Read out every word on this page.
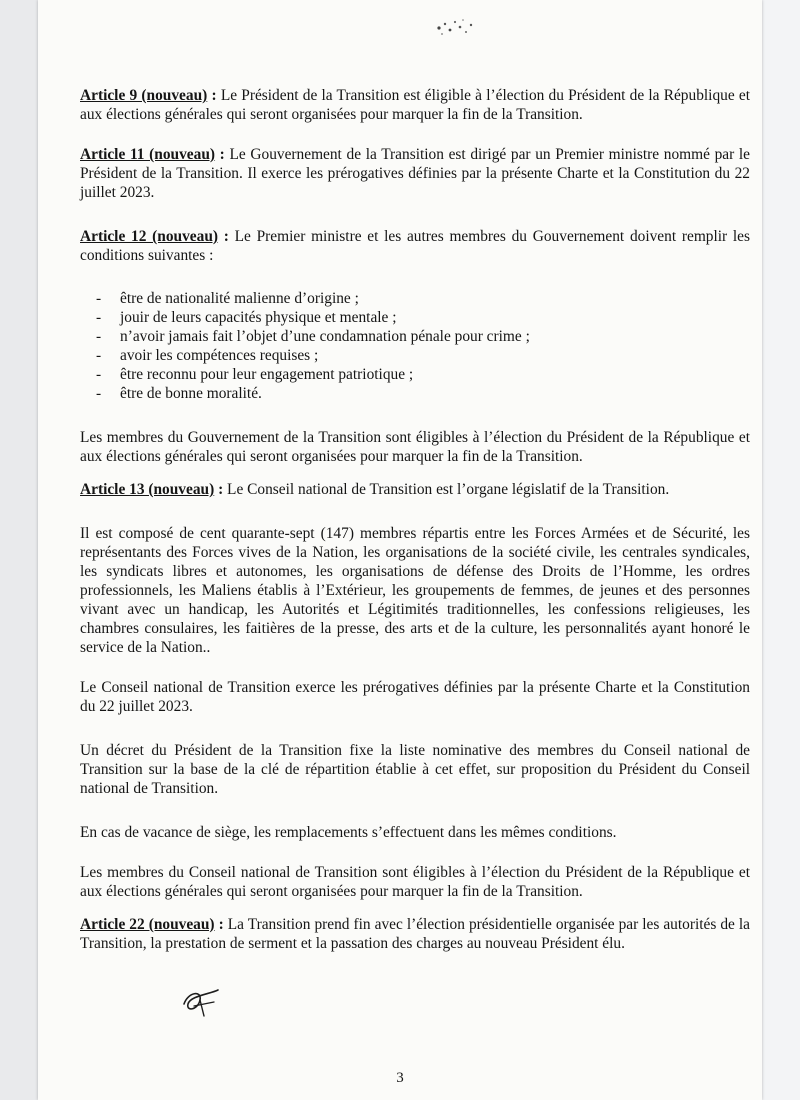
Article 9 (nouveau) : Le Président de la Transition est éligible à l’élection du Président de la République et aux élections générales qui seront organisées pour marquer la fin de la Transition.

Article 11 (nouveau) : Le Gouvernement de la Transition est dirigé par un Premier ministre nommé par le Président de la Transition. Il exerce les prérogatives définies par la présente Charte et la Constitution du 22 juillet 2023.

Article 12 (nouveau) : Le Premier ministre et les autres membres du Gouvernement doivent remplir les conditions suivantes :

- être de nationalité malienne d’origine ;
- jouir de leurs capacités physique et mentale ;
- n’avoir jamais fait l’objet d’une condamnation pénale pour crime ;
- avoir les compétences requises ;
- être reconnu pour leur engagement patriotique ;
- être de bonne moralité.

Les membres du Gouvernement de la Transition sont éligibles à l’élection du Président de la République et aux élections générales qui seront organisées pour marquer la fin de la Transition.

Article 13 (nouveau) : Le Conseil national de Transition est l’organe législatif de la Transition.

Il est composé de cent quarante-sept (147) membres répartis entre les Forces Armées et de Sécurité, les représentants des Forces vives de la Nation, les organisations de la société civile, les centrales syndicales, les syndicats libres et autonomes, les organisations de défense des Droits de l’Homme, les ordres professionnels, les Maliens établis à l’Extérieur, les groupements de femmes, de jeunes et des personnes vivant avec un handicap, les Autorités et Légitimités traditionnelles, les confessions religieuses, les chambres consulaires, les faitières de la presse, des arts et de la culture, les personnalités ayant honoré le service de la Nation..

Le Conseil national de Transition exerce les prérogatives définies par la présente Charte et la Constitution du 22 juillet 2023.

Un décret du Président de la Transition fixe la liste nominative des membres du Conseil national de Transition sur la base de la clé de répartition établie à cet effet, sur proposition du Président du Conseil national de Transition.

En cas de vacance de siège, les remplacements s’effectuent dans les mêmes conditions.

Les membres du Conseil national de Transition sont éligibles à l’élection du Président de la République et aux élections générales qui seront organisées pour marquer la fin de la Transition.

Article 22 (nouveau) : La Transition prend fin avec l’élection présidentielle organisée par les autorités de la Transition, la prestation de serment et la passation des charges au nouveau Président élu.

3
